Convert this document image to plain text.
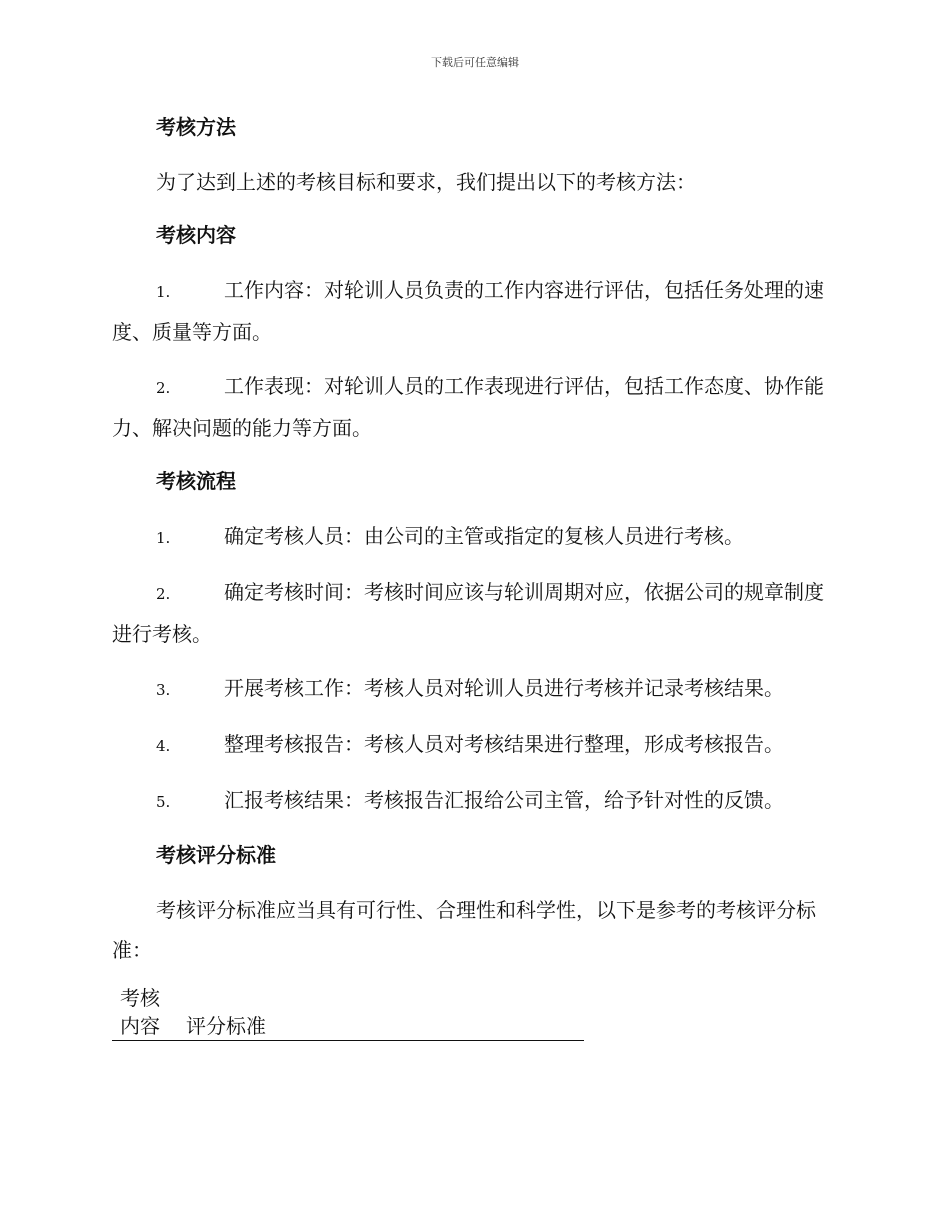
下载后可任意编辑
考核方法
为了达到上述的考核目标和要求，我们提出以下的考核方法：
考核内容
1.	工作内容：对轮训人员负责的工作内容进行评估，包括任务处理的速度、质量等方面。
2.	工作表现：对轮训人员的工作表现进行评估，包括工作态度、协作能力、解决问题的能力等方面。
考核流程
1.	确定考核人员：由公司的主管或指定的复核人员进行考核。
2.	确定考核时间：考核时间应该与轮训周期对应，依据公司的规章制度进行考核。
3.	开展考核工作：考核人员对轮训人员进行考核并记录考核结果。
4.	整理考核报告：考核人员对考核结果进行整理，形成考核报告。
5.	汇报考核结果：考核报告汇报给公司主管，给予针对性的反馈。
考核评分标准
考核评分标准应当具有可行性、合理性和科学性，以下是参考的考核评分标准：
考核内容	评分标准
